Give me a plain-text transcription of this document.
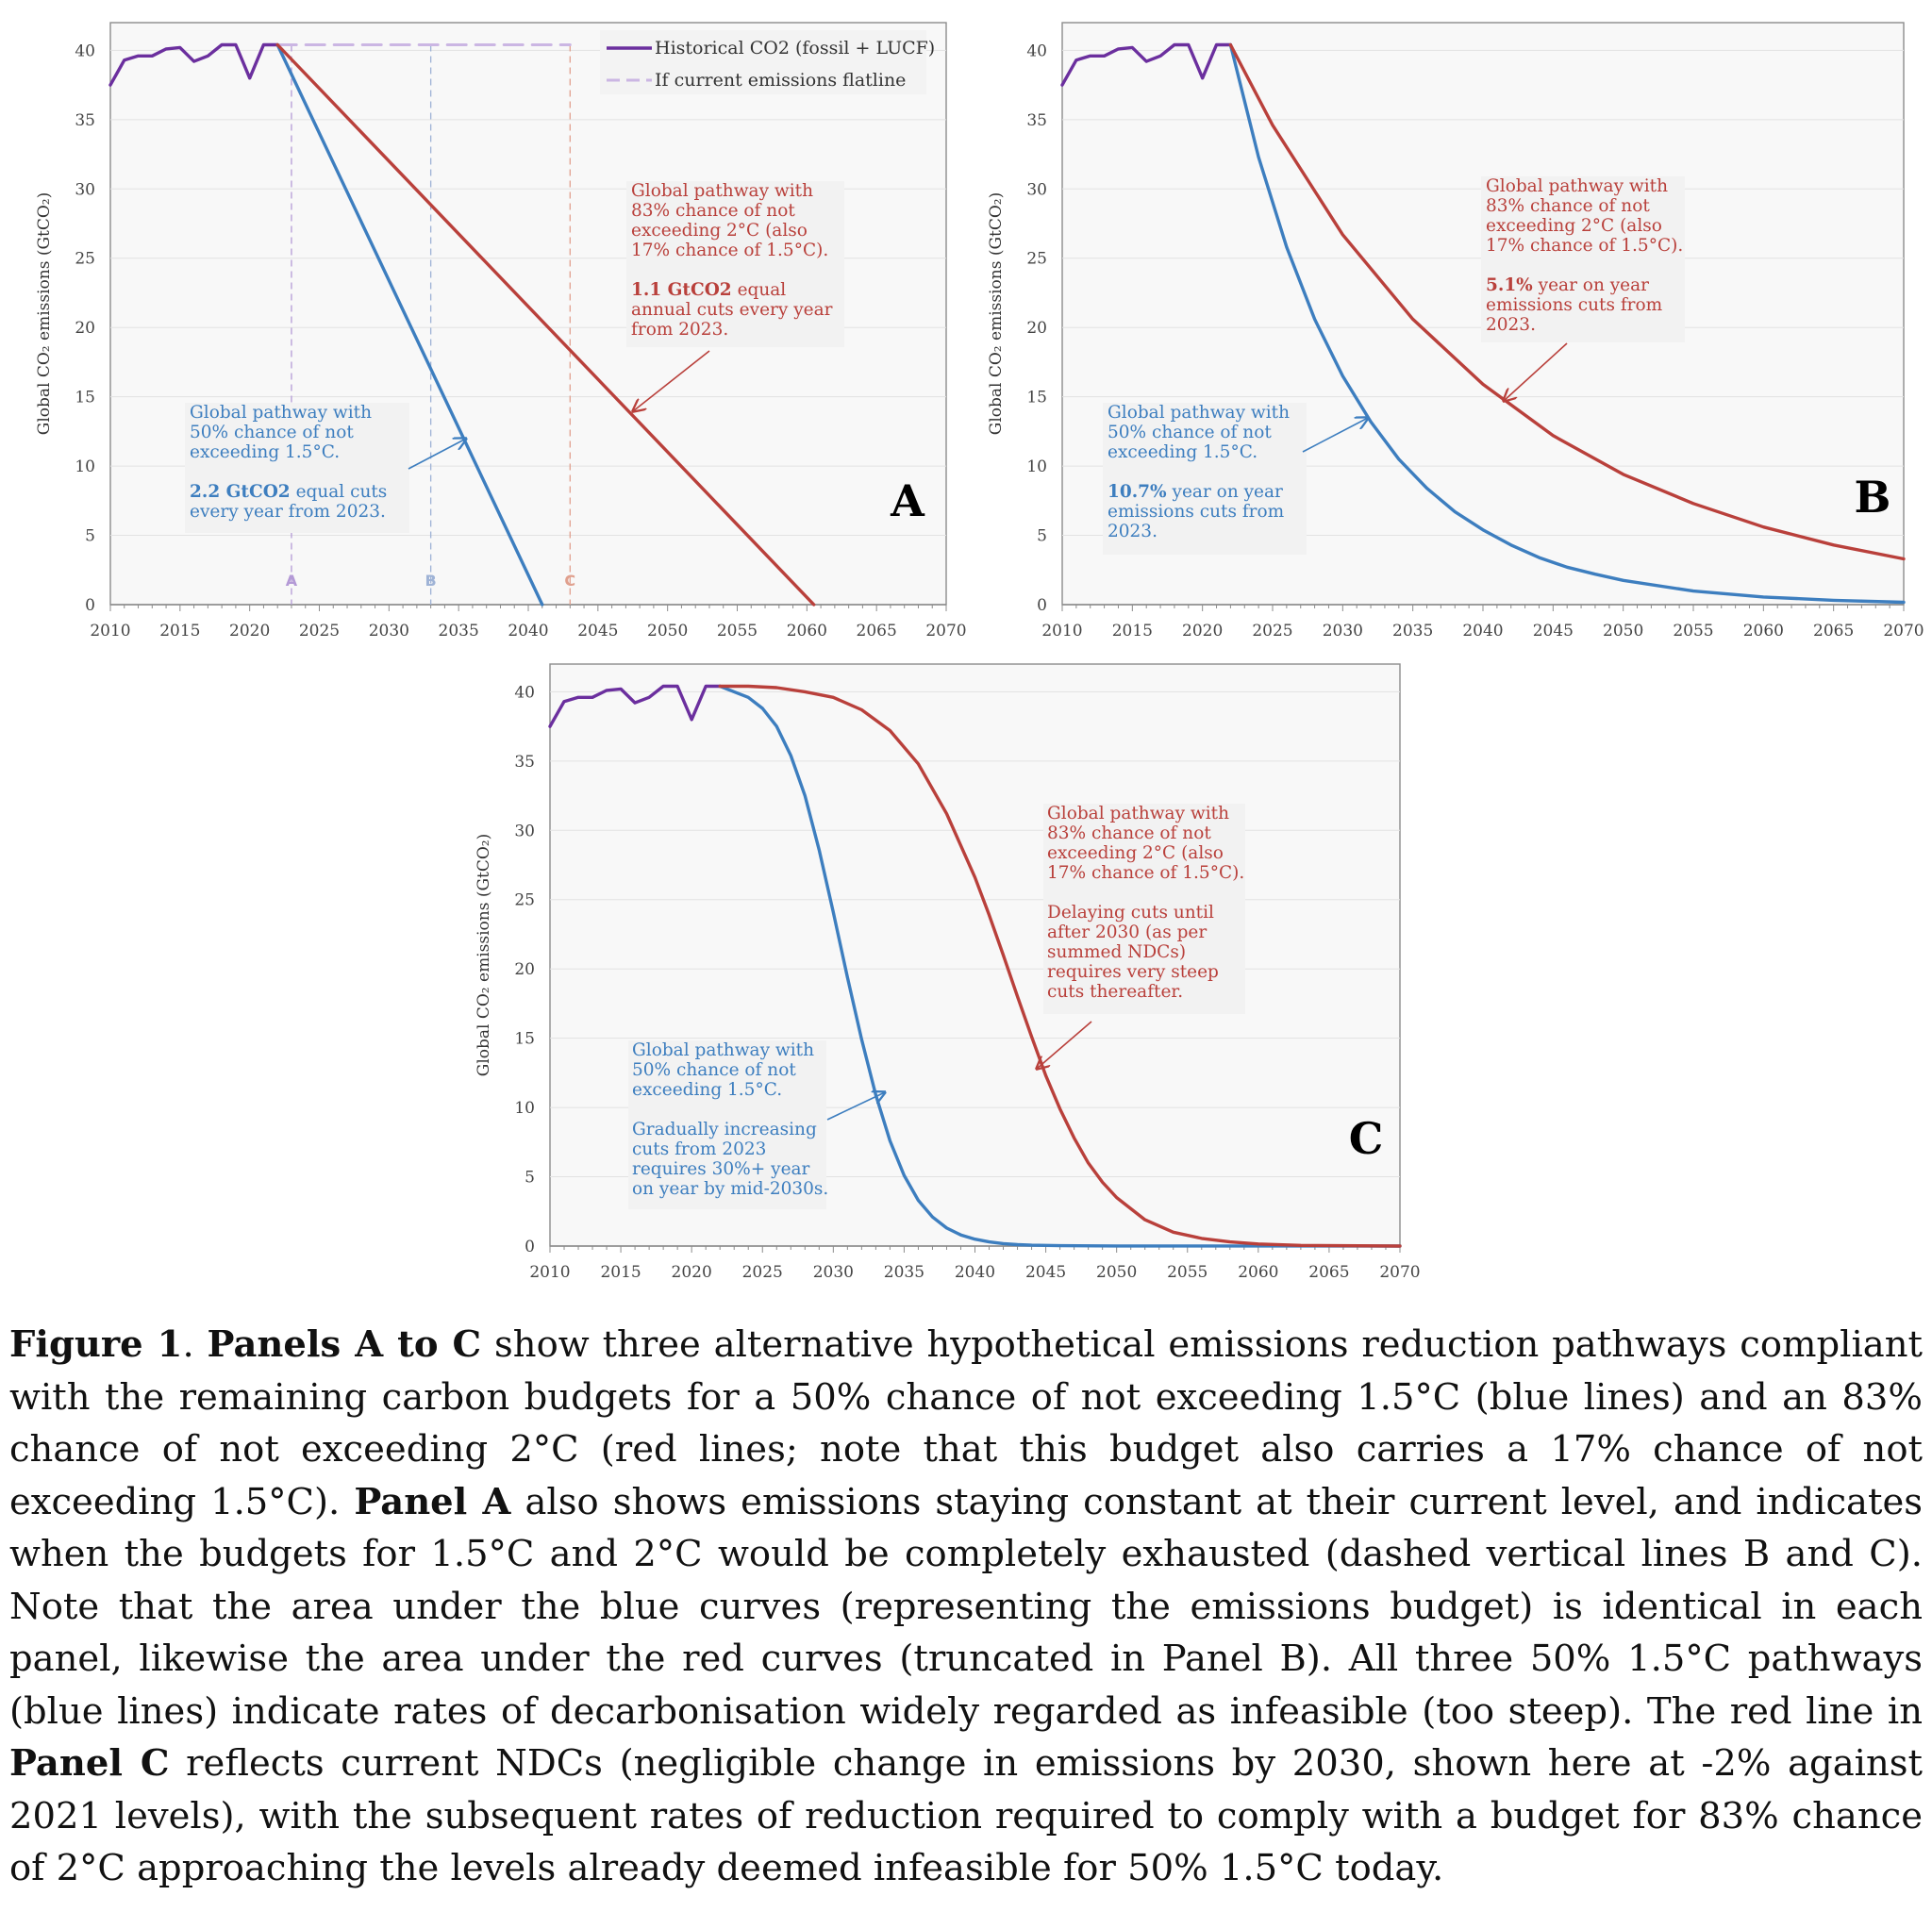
0
5
10
15
20
25
30
35
40
2010 2015 2020 2025 2030 2035 2040 2045 2050 2055 2060 2065 2070
Global CO₂ emissions (GtCO₂)
A	B	C
Historical CO2 (fossil + LUCF)
If current emissions flatline
Global pathway with
83% chance of not
exceeding 2°C (also
17% chance of 1.5°C).
1.1 GtCO2 equal
annual cuts every year
from 2023.
Global pathway with
50% chance of not
exceeding 1.5°C.
2.2 GtCO2 equal cuts
every year from 2023.	A
0
5
10
15
20
25
30
35
40
2010 2015 2020 2025 2030 2035 2040 2045 2050 2055 2060 2065 2070
Global CO₂ emissions (GtCO₂)
Global pathway with
83% chance of not
exceeding 2°C (also
17% chance of 1.5°C).
5.1% year on year
emissions cuts from
2023.
Global pathway with
50% chance of not
exceeding 1.5°C.
10.7% year on year
emissions cuts from
2023.
B
0
5
10
15
20
25
30
35
40
2010 2015 2020 2025 2030 2035 2040 2045 2050 2055 2060 2065 2070
Global CO₂ emissions (GtCO₂)
Global pathway with
83% chance of not
exceeding 2°C (also
17% chance of 1.5°C).
Delaying cuts until
after 2030 (as per
summed NDCs)
requires very steep
cuts thereafter.
Global pathway with
50% chance of not
exceeding 1.5°C.
Gradually increasing
cuts from 2023
requires 30%+ year
on year by mid-2030s.
C
Figure 1. Panels A to C show three alternative hypothetical emissions reduction pathways compliant with the remaining carbon budgets for a 50% chance of not exceeding 1.5°C (blue lines) and an 83% chance of not exceeding 2°C (red lines; note that this budget also carries a 17% chance of not exceeding 1.5°C). Panel A also shows emissions staying constant at their current level, and indicates when the budgets for 1.5°C and 2°C would be completely exhausted (dashed vertical lines B and C). Note that the area under the blue curves (representing the emissions budget) is identical in each panel, likewise the area under the red curves (truncated in Panel B). All three 50% 1.5°C pathways (blue lines) indicate rates of decarbonisation widely regarded as infeasible (too steep). The red line in Panel C reflects current NDCs (negligible change in emissions by 2030, shown here at -2% against 2021 levels), with the subsequent rates of reduction required to comply with a budget for 83% chance of 2°C approaching the levels already deemed infeasible for 50% 1.5°C today.
